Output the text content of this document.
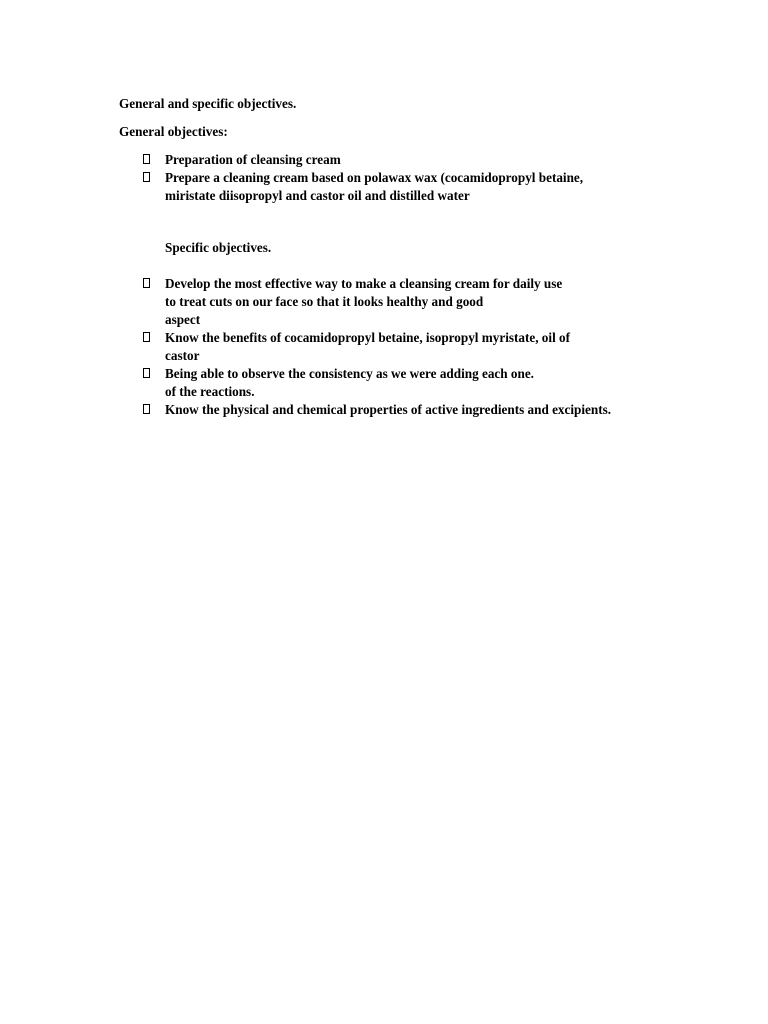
General and specific objectives.
General objectives:
Preparation of cleansing cream
Prepare a cleaning cream based on polawax wax (cocamidopropyl betaine,
miristate diisopropyl and castor oil and distilled water
Specific objectives.
Develop the most effective way to make a cleansing cream for daily use
to treat cuts on our face so that it looks healthy and good
aspect
Know the benefits of cocamidopropyl betaine, isopropyl myristate, oil of
castor
Being able to observe the consistency as we were adding each one.
of the reactions.
Know the physical and chemical properties of active ingredients and excipients.
